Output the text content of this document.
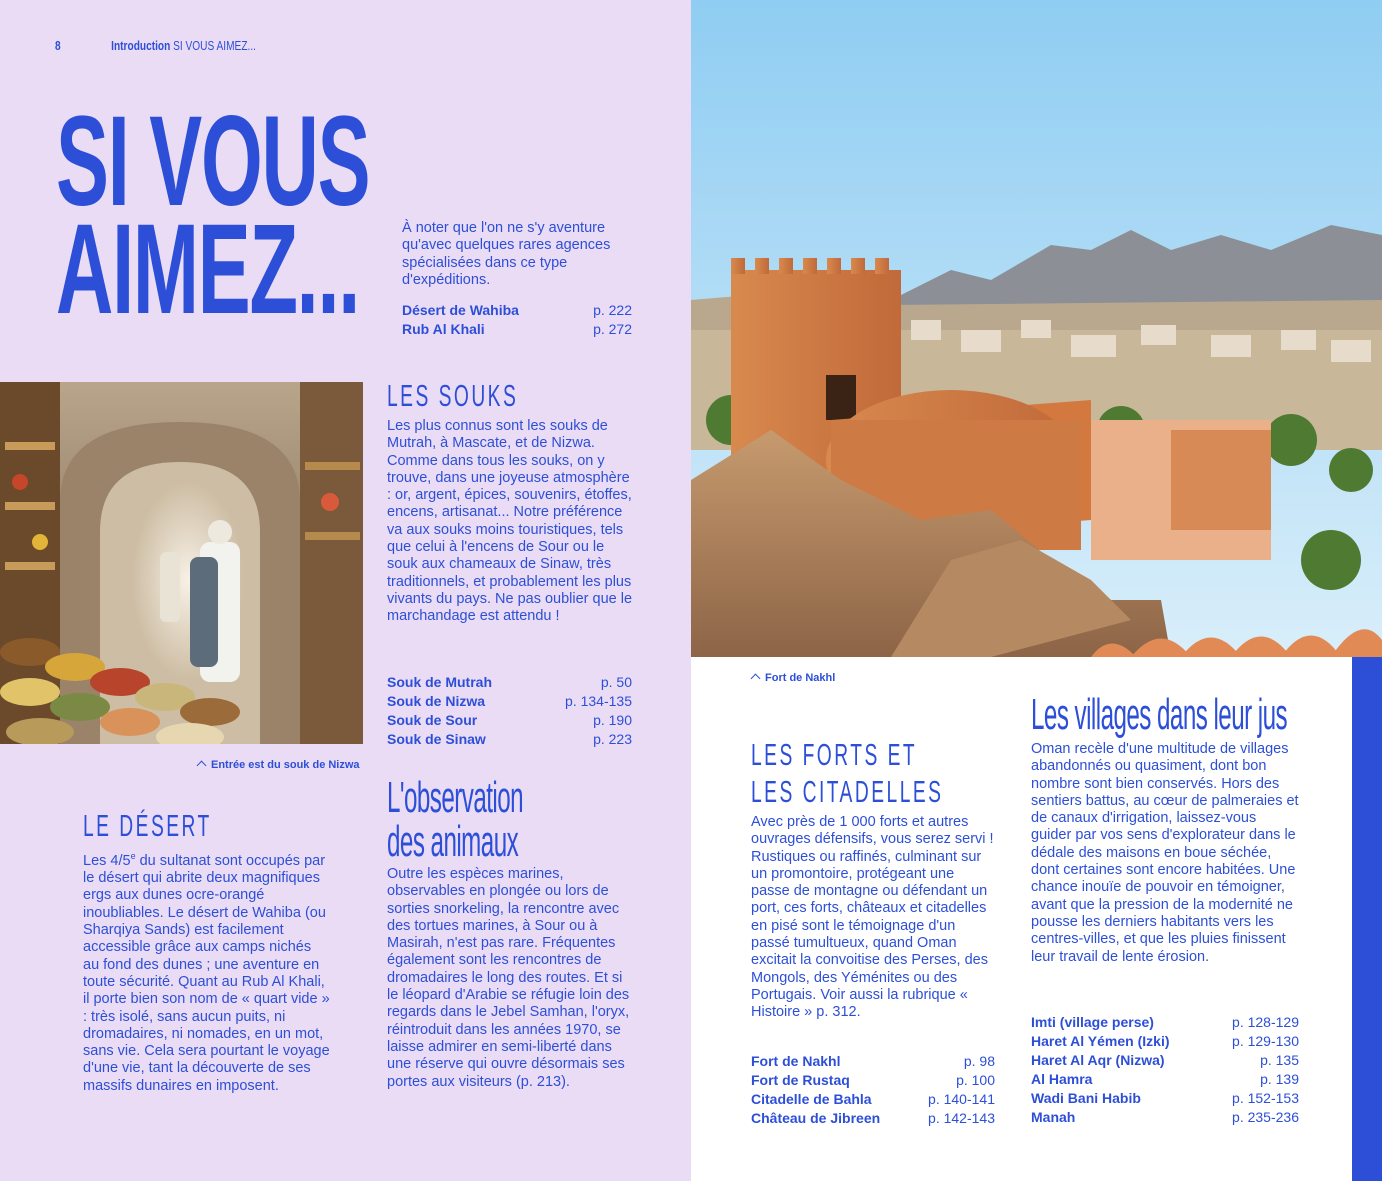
8	Introduction SI VOUS AIMEZ...
SI VOUS
AIMEZ...	À noter que l'on ne s'y aventure qu'avec quelques rares agences spécialisées dans ce type d'expéditions.
Désert de Wahiba	p. 222
Rub Al Khali	p. 272
Entrée est du souk de Nizwa
LES SOUKS
Les plus connus sont les souks de Mutrah, à Mascate, et de Nizwa. Comme dans tous les souks, on y trouve, dans une joyeuse atmosphère : or, argent, épices, souvenirs, étoffes, encens, artisanat... Notre préférence va aux souks moins touristiques, tels que celui à l'encens de Sour ou le souk aux chameaux de Sinaw, très traditionnels, et probablement les plus vivants du pays. Ne pas oublier que le marchandage est attendu !
Souk de Mutrah	p. 50
Souk de Nizwa	p. 134-135
Souk de Sour	p. 190
Souk de Sinaw	p. 223
LE DÉSERT
Les 4/5e du sultanat sont occupés par le désert qui abrite deux magnifiques ergs aux dunes ocre-orangé inoubliables. Le désert de Wahiba (ou Sharqiya Sands) est facilement accessible grâce aux camps nichés au fond des dunes ; une aventure en toute sécurité. Quant au Rub Al Khali, il porte bien son nom de « quart vide » : très isolé, sans aucun puits, ni dromadaires, ni nomades, en un mot, sans vie. Cela sera pourtant le voyage d'une vie, tant la découverte de ses massifs dunaires en imposent.
L'observation
des animaux
Outre les espèces marines, observables en plongée ou lors de sorties snorkeling, la rencontre avec des tortues marines, à Sour ou à Masirah, n'est pas rare. Fréquentes également sont les rencontres de dromadaires le long des routes. Et si le léopard d'Arabie se réfugie loin des regards dans le Jebel Samhan, l'oryx, réintroduit dans les années 1970, se laisse admirer en semi-liberté dans une réserve qui ouvre désormais ses portes aux visiteurs (p. 213).
Fort de Nakhl
LES FORTS ET
LES CITADELLES
Avec près de 1 000 forts et autres ouvrages défensifs, vous serez servi ! Rustiques ou raffinés, culminant sur un promontoire, protégeant une passe de montagne ou défendant un port, ces forts, châteaux et citadelles en pisé sont le témoignage d'un passé tumultueux, quand Oman excitait la convoitise des Perses, des Mongols, des Yéménites ou des Portugais. Voir aussi la rubrique « Histoire » p. 312.
Fort de Nakhl	p. 98
Fort de Rustaq	p. 100
Citadelle de Bahla	p. 140-141
Château de Jibreen	p. 142-143
Les villages dans leur jus
Oman recèle d'une multitude de villages abandonnés ou quasiment, dont bon nombre sont bien conservés. Hors des sentiers battus, au cœur de palmeraies et de canaux d'irrigation, laissez-vous guider par vos sens d'explorateur dans le dédale des maisons en boue séchée, dont certaines sont encore habitées. Une chance inouïe de pouvoir en témoigner, avant que la pression de la modernité ne pousse les derniers habitants vers les centres-villes, et que les pluies finissent leur travail de lente érosion.
Imti (village perse)	p. 128-129
Haret Al Yémen (Izki)	p. 129-130
Haret Al Aqr (Nizwa)	p. 135
Al Hamra	p. 139
Wadi Bani Habib	p. 152-153
Manah	p. 235-236
